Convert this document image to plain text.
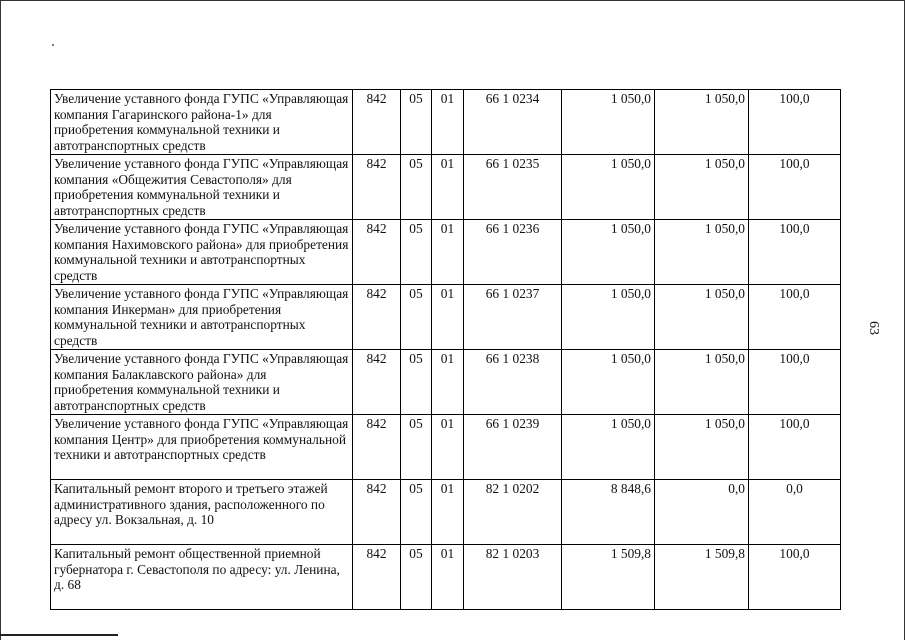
63
Увеличение уставного фонда ГУПС «Управляющая компания Гагаринского района-1» для приобретения коммунальной техники и автотранспортных средств	842	05	01	66 1 0234	1 050,0	1 050,0	100,0
Увеличение уставного фонда ГУПС «Управляющая компания «Общежития Севастополя» для приобретения коммунальной техники и автотранспортных средств	842	05	01	66 1 0235	1 050,0	1 050,0	100,0
Увеличение уставного фонда ГУПС «Управляющая компания Нахимовского района» для приобретения коммунальной техники и автотранспортных средств	842	05	01	66 1 0236	1 050,0	1 050,0	100,0
Увеличение уставного фонда ГУПС «Управляющая компания Инкерман» для приобретения коммунальной техники и автотранспортных средств	842	05	01	66 1 0237	1 050,0	1 050,0	100,0
Увеличение уставного фонда ГУПС «Управляющая компания Балаклавского района» для приобретения коммунальной техники и автотранспортных средств	842	05	01	66 1 0238	1 050,0	1 050,0	100,0
Увеличение уставного фонда ГУПС «Управляющая компания Центр» для приобретения коммунальной техники и автотранспортных средств	842	05	01	66 1 0239	1 050,0	1 050,0	100,0
Капитальный ремонт второго и третьего этажей административного здания, расположенного по адресу ул. Вокзальная, д. 10	842	05	01	82 1 0202	8 848,6	0,0	0,0
Капитальный ремонт общественной приемной губернатора г. Севастополя по адресу: ул. Ленина, д. 68	842	05	01	82 1 0203	1 509,8	1 509,8	100,0
